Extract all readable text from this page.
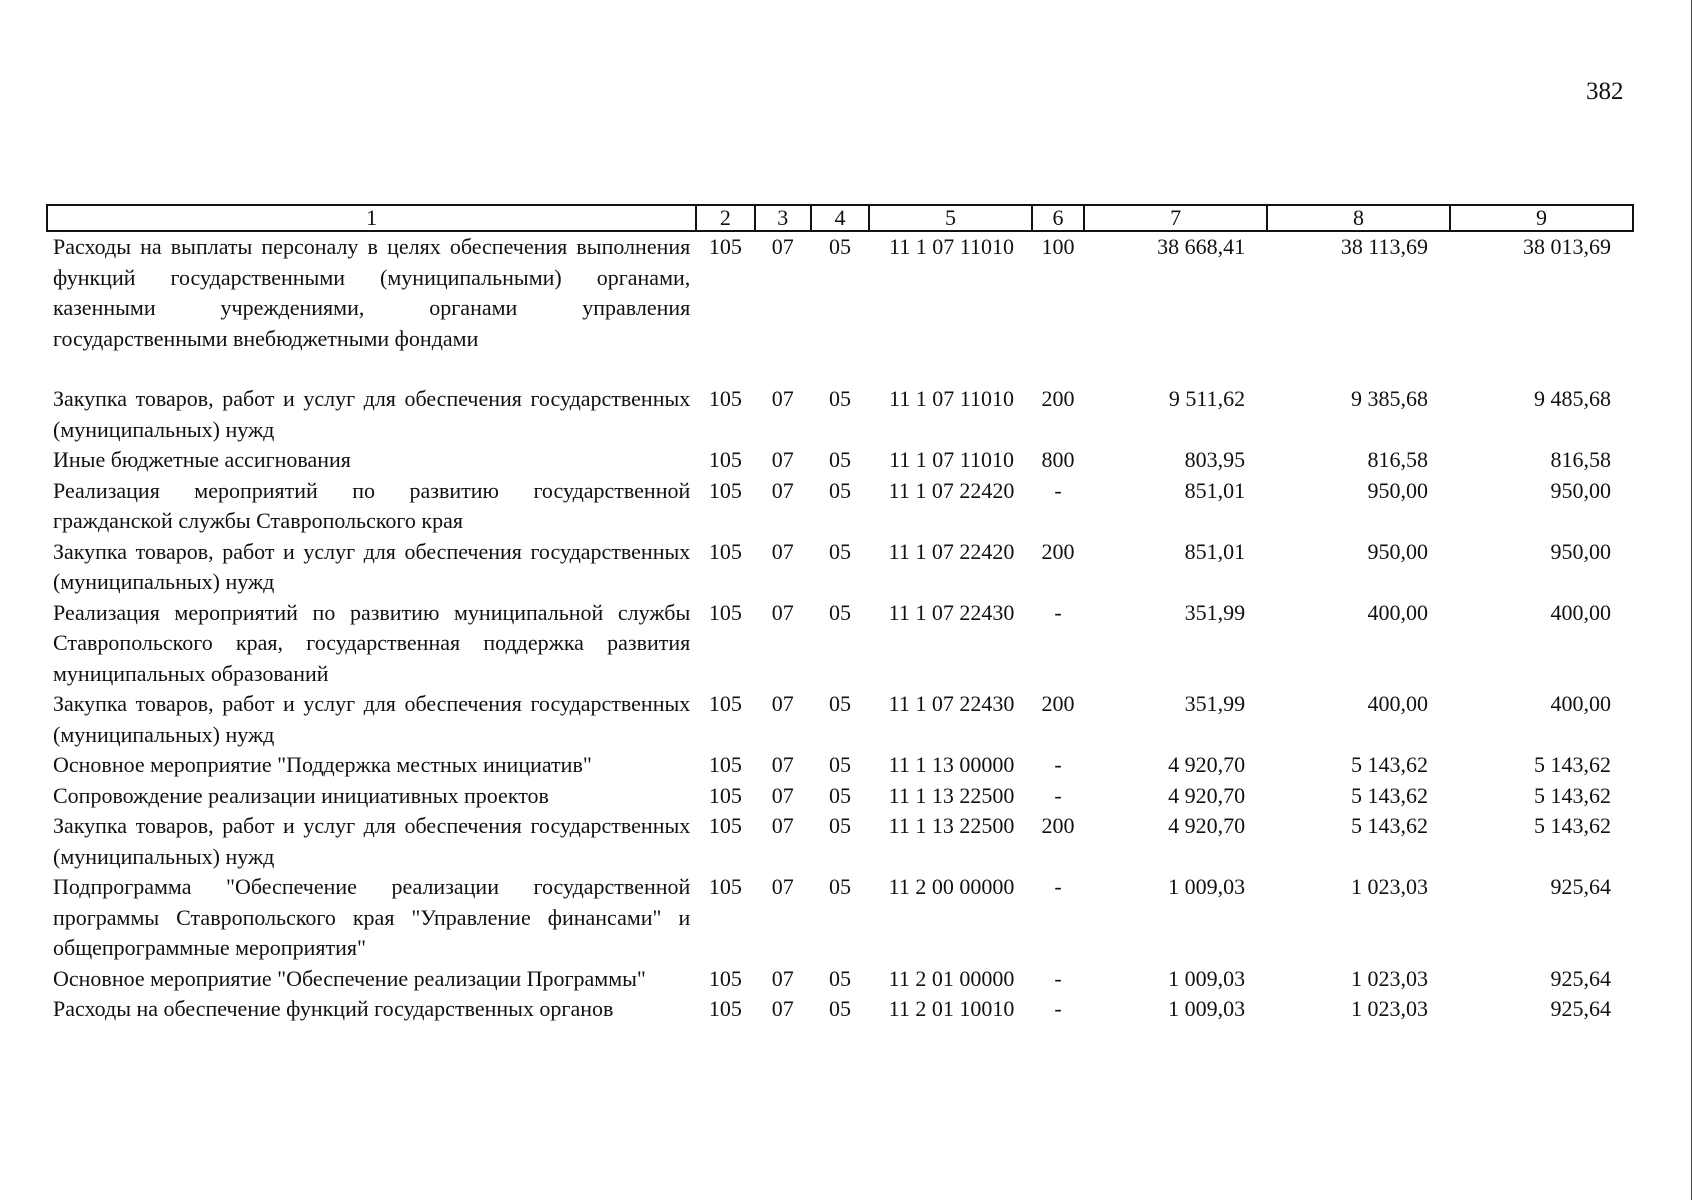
382
1	2	3	4	5	6	7	8	9
Расходы на выплаты персоналу в целях обеспечения выполнения функций государственными (муниципальными) органами, казенными учреждениями, органами управления государственными внебюджетными фондами	105	07	05	11 1 07 11010	100	38 668,41	38 113,69	38 013,69

Закупка товаров, работ и услуг для обеспечения государственных (муниципальных) нужд	105	07	05	11 1 07 11010	200	9 511,62	9 385,68	9 485,68
Иные бюджетные ассигнования	105	07	05	11 1 07 11010	800	803,95	816,58	816,58
Реализация мероприятий по развитию государственной гражданской службы Ставропольского края	105	07	05	11 1 07 22420	-	851,01	950,00	950,00
Закупка товаров, работ и услуг для обеспечения государственных (муниципальных) нужд	105	07	05	11 1 07 22420	200	851,01	950,00	950,00
Реализация мероприятий по развитию муниципальной службы Ставропольского края, государственная поддержка развития муниципальных образований	105	07	05	11 1 07 22430	-	351,99	400,00	400,00
Закупка товаров, работ и услуг для обеспечения государственных (муниципальных) нужд	105	07	05	11 1 07 22430	200	351,99	400,00	400,00
Основное мероприятие "Поддержка местных инициатив"	105	07	05	11 1 13 00000	-	4 920,70	5 143,62	5 143,62
Сопровождение реализации инициативных проектов	105	07	05	11 1 13 22500	-	4 920,70	5 143,62	5 143,62
Закупка товаров, работ и услуг для обеспечения государственных (муниципальных) нужд	105	07	05	11 1 13 22500	200	4 920,70	5 143,62	5 143,62
Подпрограмма "Обеспечение реализации государственной программы Ставропольского края "Управление финансами" и общепрограммные мероприятия"	105	07	05	11 2 00 00000	-	1 009,03	1 023,03	925,64
Основное мероприятие "Обеспечение реализации Программы"	105	07	05	11 2 01 00000	-	1 009,03	1 023,03	925,64
Расходы на обеспечение функций государственных органов	105	07	05	11 2 01 10010	-	1 009,03	1 023,03	925,64
